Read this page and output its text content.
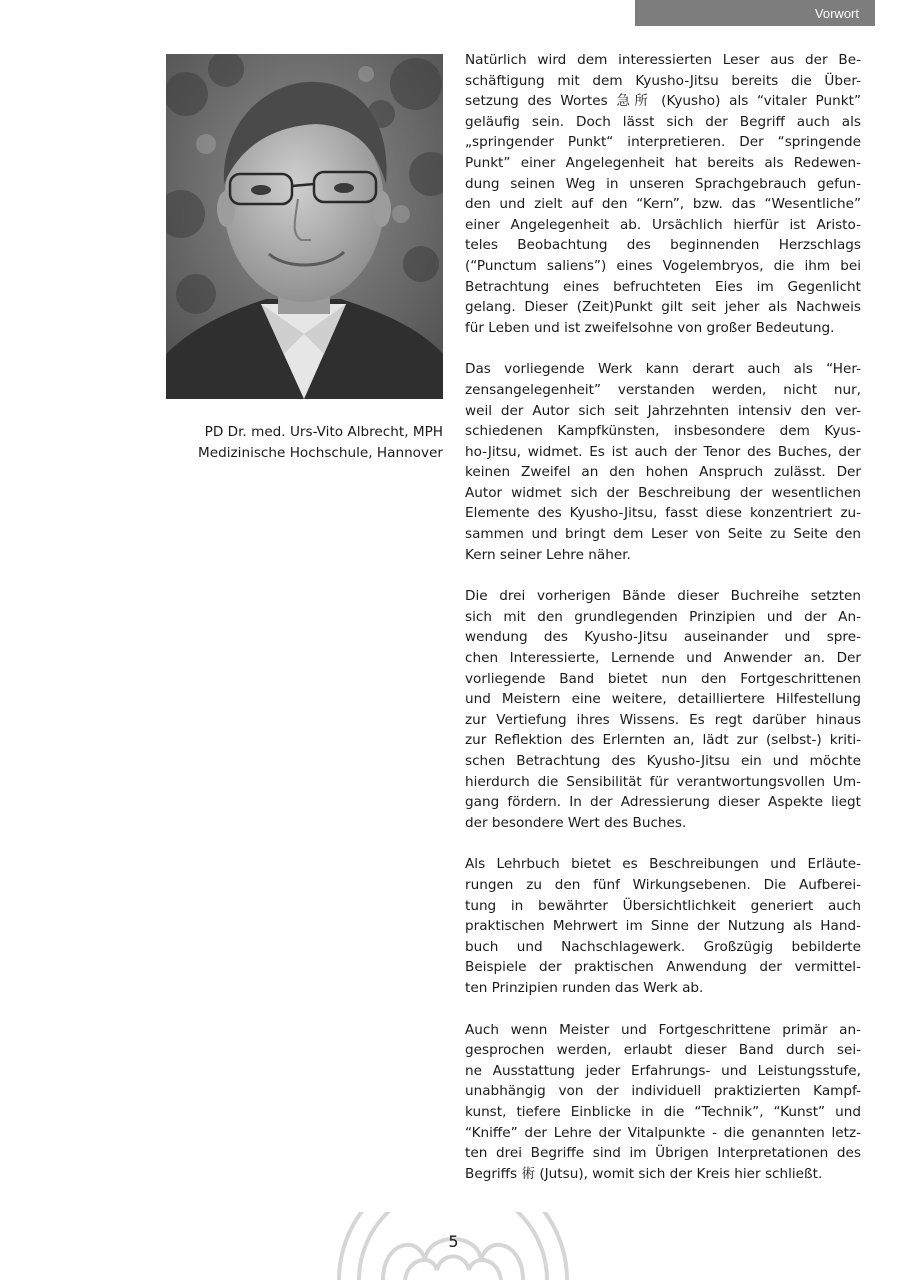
Vorwort
PD Dr. med. Urs-Vito Albrecht, MPH
Medizinische Hochschule, Hannover

Natürlich wird dem interessierten Leser aus der Be-
schäftigung mit dem Kyusho-Jitsu bereits die Über-
setzung des Wortes 急所 (Kyusho) als “vitaler Punkt”
geläufig sein. Doch lässt sich der Begriff auch als
„springender Punkt“ interpretieren. Der “springende
Punkt” einer Angelegenheit hat bereits als Redewen-
dung seinen Weg in unseren Sprachgebrauch gefun-
den und zielt auf den “Kern”, bzw. das “Wesentliche”
einer Angelegenheit ab. Ursächlich hierfür ist Aristo-
teles Beobachtung des beginnenden Herzschlags
(“Punctum saliens”) eines Vogelembryos, die ihm bei
Betrachtung eines befruchteten Eies im Gegenlicht
gelang. Dieser (Zeit)Punkt gilt seit jeher als Nachweis
für Leben und ist zweifelsohne von großer Bedeutung.

Das vorliegende Werk kann derart auch als “Her-
zensangelegenheit” verstanden werden, nicht nur,
weil der Autor sich seit Jahrzehnten intensiv den ver-
schiedenen Kampfkünsten, insbesondere dem Kyus-
ho-Jitsu, widmet. Es ist auch der Tenor des Buches, der
keinen Zweifel an den hohen Anspruch zulässt. Der
Autor widmet sich der Beschreibung der wesentlichen
Elemente des Kyusho-Jitsu, fasst diese konzentriert zu-
sammen und bringt dem Leser von Seite zu Seite den
Kern seiner Lehre näher.

Die drei vorherigen Bände dieser Buchreihe setzten
sich mit den grundlegenden Prinzipien und der An-
wendung des Kyusho-Jitsu auseinander und spre-
chen Interessierte, Lernende und Anwender an. Der
vorliegende Band bietet nun den Fortgeschrittenen
und Meistern eine weitere, detailliertere Hilfestellung
zur Vertiefung ihres Wissens. Es regt darüber hinaus
zur Reflektion des Erlernten an, lädt zur (selbst-) kriti-
schen Betrachtung des Kyusho-Jitsu ein und möchte
hierdurch die Sensibilität für verantwortungsvollen Um-
gang fördern. In der Adressierung dieser Aspekte liegt
der besondere Wert des Buches.

Als Lehrbuch bietet es Beschreibungen und Erläute-
rungen zu den fünf Wirkungsebenen. Die Aufberei-
tung in bewährter Übersichtlichkeit generiert auch
praktischen Mehrwert im Sinne der Nutzung als Hand-
buch und Nachschlagewerk. Großzügig bebilderte
Beispiele der praktischen Anwendung der vermittel-
ten Prinzipien runden das Werk ab.

Auch wenn Meister und Fortgeschrittene primär an-
gesprochen werden, erlaubt dieser Band durch sei-
ne Ausstattung jeder Erfahrungs- und Leistungsstufe,
unabhängig von der individuell praktizierten Kampf-
kunst, tiefere Einblicke in die “Technik”, “Kunst” und
“Kniffe” der Lehre der Vitalpunkte - die genannten letz-
ten drei Begriffe sind im Übrigen Interpretationen des
Begriffs 術 (Jutsu), womit sich der Kreis hier schließt.

5
